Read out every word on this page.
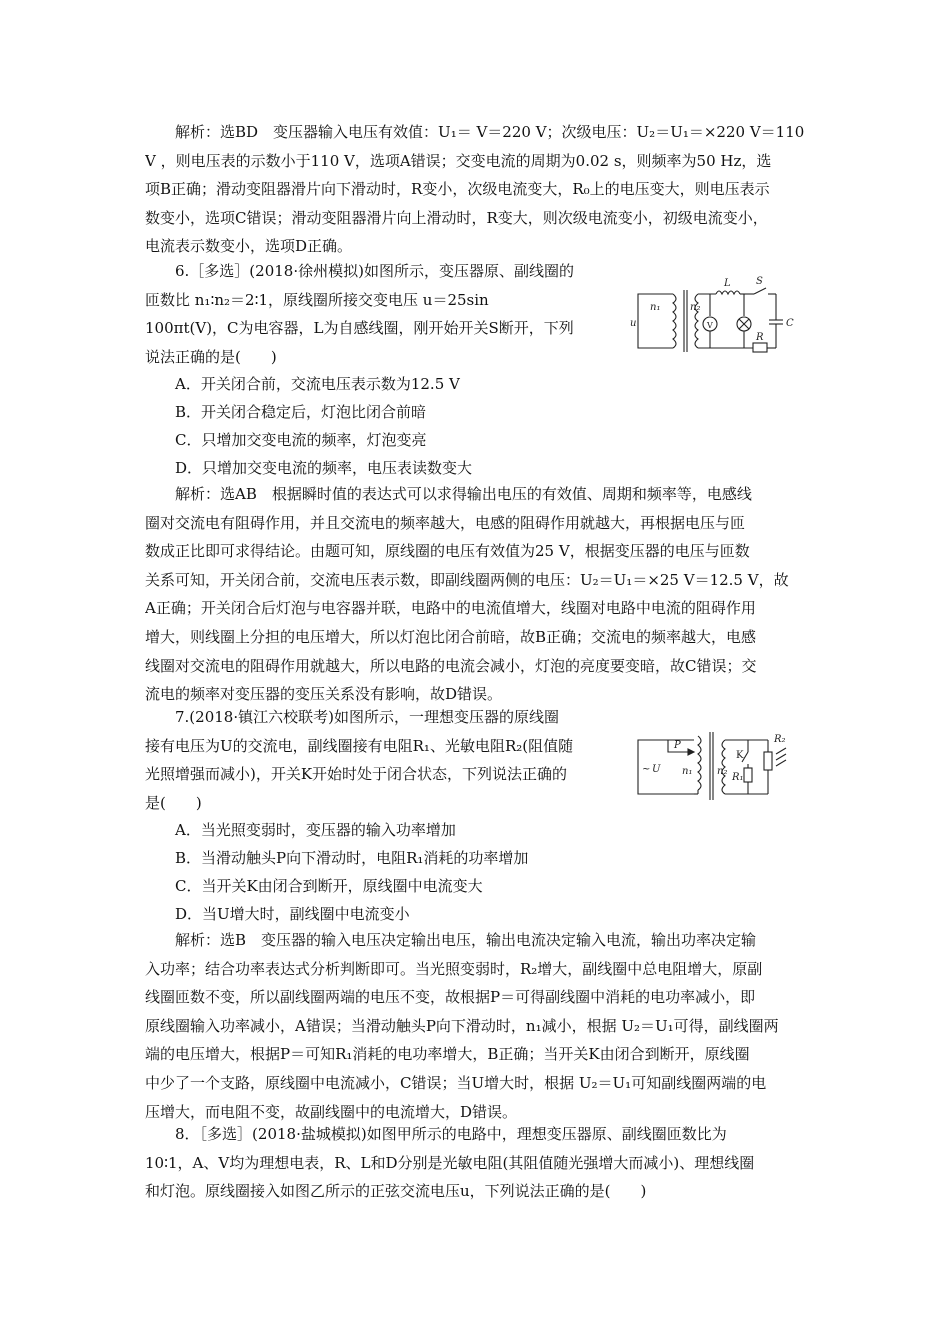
解析：选BD　变压器输入电压有效值：U₁＝ V＝220 V；次级电压：U₂＝U₁＝×220 V＝110
V ，则电压表的示数小于110 V，选项A错误；交变电流的周期为0.02 s，则频率为50 Hz，选
项B正确；滑动变阻器滑片向下滑动时，R变小，次级电流变大，R₀上的电压变大，则电压表示
数变小，选项C错误；滑动变阻器滑片向上滑动时，R变大，则次级电流变小，初级电流变小，
电流表示数变小，选项D正确。
6.［多选］(2018·徐州模拟)如图所示，变压器原、副线圈的
匝数比 n₁∶n₂＝2∶1，原线圈所接交变电压 u＝25sin
100πt(V)，C为电容器，L为自感线圈，刚开始开关S断开，下列
说法正确的是(　　)
u
n₁	n₂
L	S
V	C
R
A．开关闭合前，交流电压表示数为12.5 V
B．开关闭合稳定后，灯泡比闭合前暗
C．只增加交变电流的频率，灯泡变亮
D．只增加交变电流的频率，电压表读数变大
解析：选AB　根据瞬时值的表达式可以求得输出电压的有效值、周期和频率等，电感线
圈对交流电有阻碍作用，并且交流电的频率越大，电感的阻碍作用就越大，再根据电压与匝
数成正比即可求得结论。由题可知，原线圈的电压有效值为25 V，根据变压器的电压与匝数
关系可知，开关闭合前，交流电压表示数，即副线圈两侧的电压：U₂＝U₁＝×25 V＝12.5 V，故
A正确；开关闭合后灯泡与电容器并联，电路中的电流值增大，线圈对电路中电流的阻碍作用
增大，则线圈上分担的电压增大，所以灯泡比闭合前暗，故B正确；交流电的频率越大，电感
线圈对交流电的阻碍作用就越大，所以电路的电流会减小，灯泡的亮度要变暗，故C错误；交
流电的频率对变压器的变压关系没有影响，故D错误。
7.(2018·镇江六校联考)如图所示，一理想变压器的原线圈
接有电压为U的交流电，副线圈接有电阻R₁、光敏电阻R₂(阻值随
光照增强而减小)，开关K开始时处于闭合状态，下列说法正确的
是(　　)
~ U
P
n₁ n₂
K
R₁
R₂
A．当光照变弱时，变压器的输入功率增加
B．当滑动触头P向下滑动时，电阻R₁消耗的功率增加
C．当开关K由闭合到断开，原线圈中电流变大
D．当U增大时，副线圈中电流变小
解析：选B　变压器的输入电压决定输出电压，输出电流决定输入电流，输出功率决定输
入功率；结合功率表达式分析判断即可。当光照变弱时，R₂增大，副线圈中总电阻增大，原副
线圈匝数不变，所以副线圈两端的电压不变，故根据P＝可得副线圈中消耗的电功率减小，即
原线圈输入功率减小，A错误；当滑动触头P向下滑动时，n₁减小，根据 U₂＝U₁可得，副线圈两
端的电压增大，根据P＝可知R₁消耗的电功率增大，B正确；当开关K由闭合到断开，原线圈
中少了一个支路，原线圈中电流减小，C错误；当U增大时，根据 U₂＝U₁可知副线圈两端的电
压增大，而电阻不变，故副线圈中的电流增大，D错误。
8．［多选］(2018·盐城模拟)如图甲所示的电路中，理想变压器原、副线圈匝数比为
10∶1，A、V均为理想电表，R、L和D分别是光敏电阻(其阻值随光强增大而减小)、理想线圈
和灯泡。原线圈接入如图乙所示的正弦交流电压u，下列说法正确的是(　　)
